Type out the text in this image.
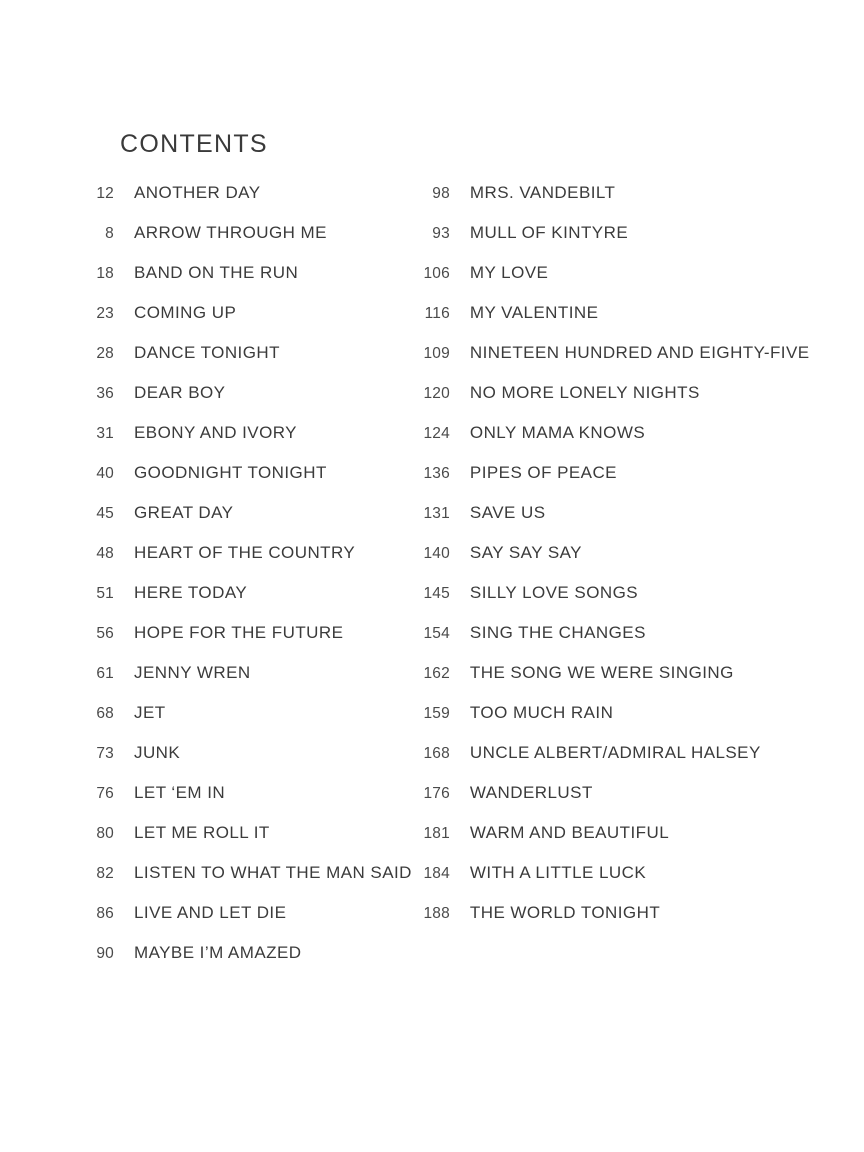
CONTENTS
12	ANOTHER DAY
8	ARROW THROUGH ME
18	BAND ON THE RUN
23	COMING UP
28	DANCE TONIGHT
36	DEAR BOY
31	EBONY AND IVORY
40	GOODNIGHT TONIGHT
45	GREAT DAY
48	HEART OF THE COUNTRY
51	HERE TODAY
56	HOPE FOR THE FUTURE
61	JENNY WREN
68	JET
73	JUNK
76	LET ‘EM IN
80	LET ME ROLL IT
82	LISTEN TO WHAT THE MAN SAID
86	LIVE AND LET DIE
90	MAYBE I’M AMAZED
98	MRS. VANDEBILT
93	MULL OF KINTYRE
106	MY LOVE
116	MY VALENTINE
109	NINETEEN HUNDRED AND EIGHTY-FIVE
120	NO MORE LONELY NIGHTS
124	ONLY MAMA KNOWS
136	PIPES OF PEACE
131	SAVE US
140	SAY SAY SAY
145	SILLY LOVE SONGS
154	SING THE CHANGES
162	THE SONG WE WERE SINGING
159	TOO MUCH RAIN
168	UNCLE ALBERT/ADMIRAL HALSEY
176	WANDERLUST
181	WARM AND BEAUTIFUL
184	WITH A LITTLE LUCK
188	THE WORLD TONIGHT
